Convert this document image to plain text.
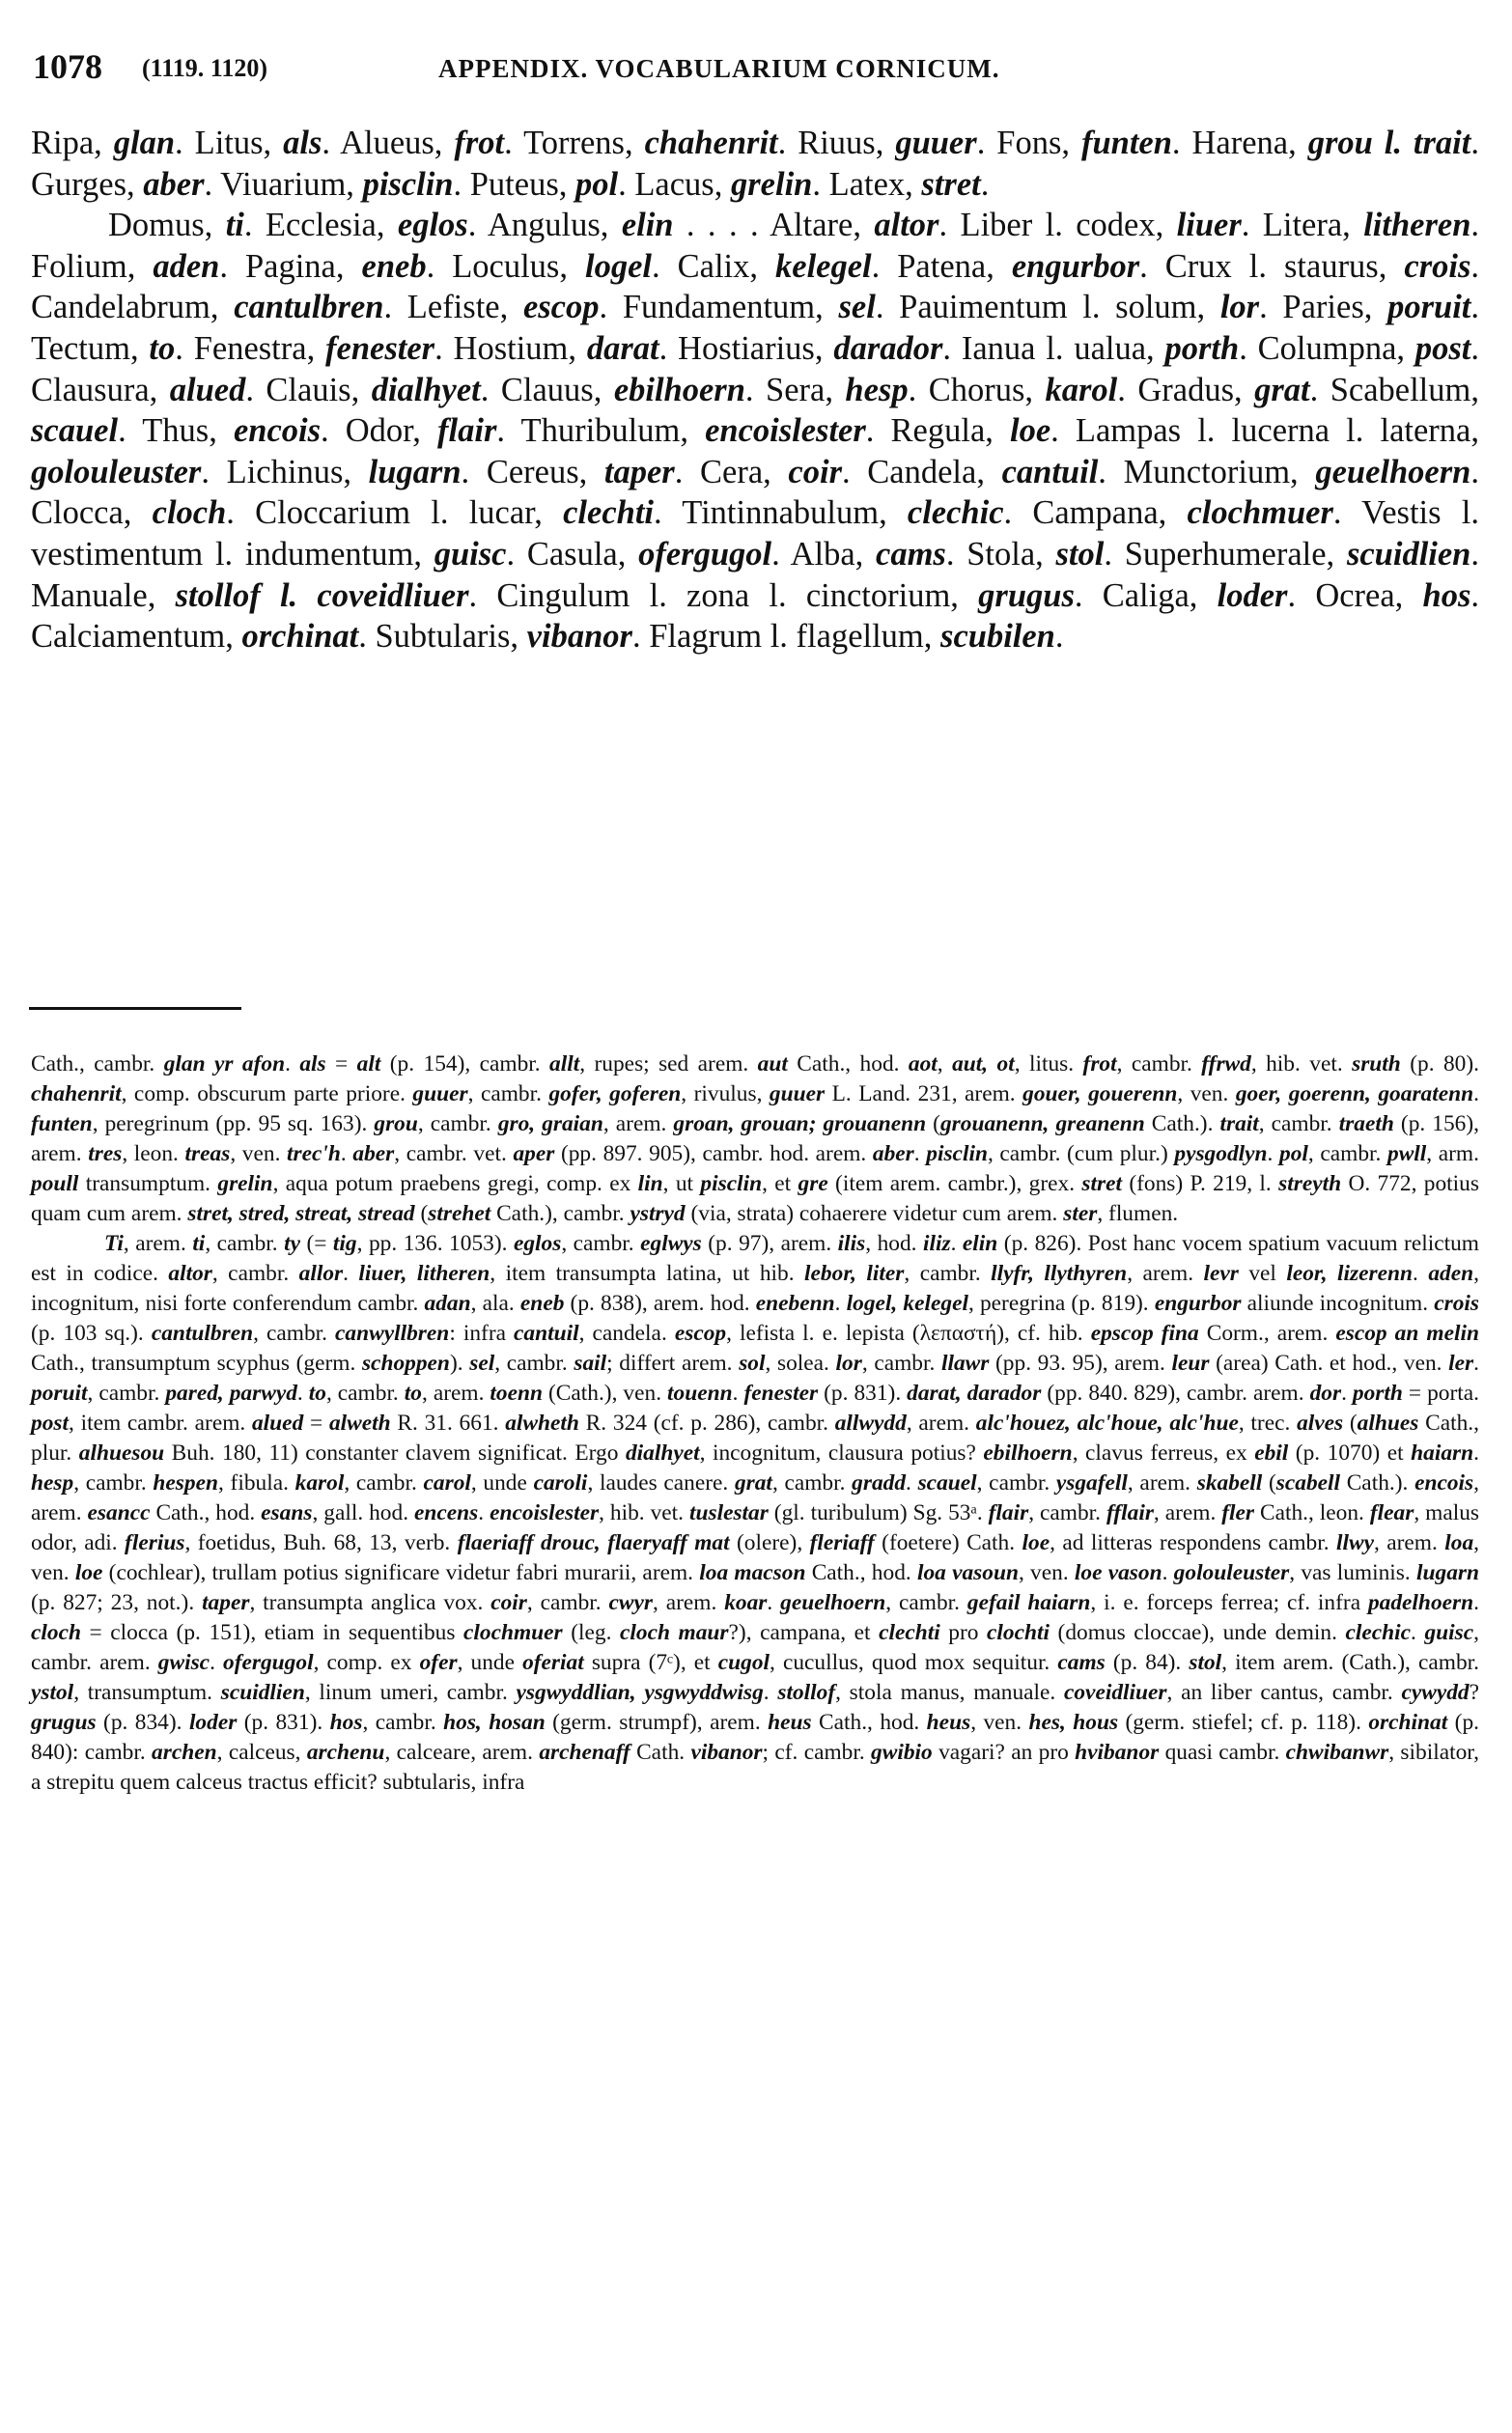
1078 (1119. 1120)	APPENDIX. VOCABULARIUM CORNICUM.

Ripa, glan. Litus, als. Alueus, frot. Torrens, chahenrit. Riuus, guuer. Fons, funten. Harena, grou l. trait. Gurges, aber. Viuarium, pisclin. Puteus, pol. Lacus, grelin. Latex, stret.

Domus, ti. Ecclesia, eglos. Angulus, elin . . . . Altare, altor. Liber l. codex, liuer. Litera, litheren. Folium, aden. Pagina, eneb. Loculus, logel. Calix, kelegel. Patena, engurbor. Crux l. staurus, crois. Candelabrum, cantulbren. Lefiste, escop. Fundamentum, sel. Pauimentum l. solum, lor. Paries, poruit. Tectum, to. Fenestra, fenester. Hostium, darat. Hostiarius, darador. Ianua l. ualua, porth. Columpna, post. Clausura, alued. Clauis, dialhyet. Clauus, ebilhoern. Sera, hesp. Chorus, karol. Gradus, grat. Scabellum, scauel. Thus, encois. Odor, flair. Thuribulum, encoislester. Regula, loe. Lampas l. lucerna l. laterna, golouleuster. Lichinus, lugarn. Cereus, taper. Cera, coir. Candela, cantuil. Munctorium, geuelhoern. Clocca, cloch. Cloccarium l. lucar, clechti. Tintinnabulum, clechic. Campana, clochmuer. Vestis l. vestimentum l. indumentum, guisc. Casula, ofergugol. Alba, cams. Stola, stol. Superhumerale, scuidlien. Manuale, stollof l. coveidliuer. Cingulum l. zona l. cinctorium, grugus. Caliga, loder. Ocrea, hos. Calciamentum, orchinat. Subtularis, vibanor. Flagrum l. flagellum, scubilen.

Cath., cambr. glan yr afon. als = alt (p. 154), cambr. allt, rupes; sed arem. aut Cath., hod. aot, aut, ot, litus. frot, cambr. ffrwd, hib. vet. sruth (p. 80). chahenrit, comp. obscurum parte priore. guuer, cambr. gofer, goferen, rivulus, guuer L. Land. 231, arem. gouer, gouerenn, ven. goer, goerenn, goaratenn. funten, peregrinum (pp. 95 sq. 163). grou, cambr. gro, graian, arem. groan, grouan; grouanenn (grouanenn, greanenn Cath.). trait, cambr. traeth (p. 156), arem. tres, leon. treas, ven. trec'h. aber, cambr. vet. aper (pp. 897. 905), cambr. hod. arem. aber. pisclin, cambr. (cum plur.) pysgodlyn. pol, cambr. pwll, arm. poull transumptum. grelin, aqua potum praebens gregi, comp. ex lin, ut pisclin, et gre (item arem. cambr.), grex. stret (fons) P. 219, l. streyth O. 772, potius quam cum arem. stret, stred, streat, stread (strehet Cath.), cambr. ystryd (via, strata) cohaerere videtur cum arem. ster, flumen.

Ti, arem. ti, cambr. ty (= tig, pp. 136. 1053). eglos, cambr. eglwys (p. 97), arem. ilis, hod. iliz. elin (p. 826). Post hanc vocem spatium vacuum relictum est in codice. altor, cambr. allor. liuer, litheren, item transumpta latina, ut hib. lebor, liter, cambr. llyfr, llythyren, arem. levr vel leor, lizerenn. aden, incognitum, nisi forte conferendum cambr. adan, ala. eneb (p. 838), arem. hod. enebenn. logel, kelegel, peregrina (p. 819). engurbor aliunde incognitum. crois (p. 103 sq.). cantulbren, cambr. canwyllbren: infra cantuil, candela. escop, lefista l. e. lepista (λεπαστή), cf. hib. epscop fina Corm., arem. escop an melin Cath., transumptum scyphus (germ. schoppen). sel, cambr. sail; differt arem. sol, solea. lor, cambr. llawr (pp. 93. 95), arem. leur (area) Cath. et hod., ven. ler. poruit, cambr. pared, parwyd. to, cambr. to, arem. toenn (Cath.), ven. touenn. fenester (p. 831). darat, darador (pp. 840. 829), cambr. arem. dor. porth = porta. post, item cambr. arem. alued = alweth R. 31. 661. alwheth R. 324 (cf. p. 286), cambr. allwydd, arem. alc'houez, alc'houe, alc'hue, trec. alves (alhues Cath., plur. alhuesou Buh. 180, 11) constanter clavem significat. Ergo dialhyet, incognitum, clausura potius? ebilhoern, clavus ferreus, ex ebil (p. 1070) et haiarn. hesp, cambr. hespen, fibula. karol, cambr. carol, unde caroli, laudes canere. grat, cambr. gradd. scauel, cambr. ysgafell, arem. skabell (scabell Cath.). encois, arem. esancc Cath., hod. esans, gall. hod. encens. encoislester, hib. vet. tuslestar (gl. turibulum) Sg. 53ᵃ. flair, cambr. fflair, arem. fler Cath., leon. flear, malus odor, adi. flerius, foetidus, Buh. 68, 13, verb. flaeriaff drouc, flaeryaff mat (olere), fleriaff (foetere) Cath. loe, ad litteras respondens cambr. llwy, arem. loa, ven. loe (cochlear), trullam potius significare videtur fabri murarii, arem. loa macson Cath., hod. loa vasoun, ven. loe vason. golouleuster, vas luminis. lugarn (p. 827; 23, not.). taper, transumpta anglica vox. coir, cambr. cwyr, arem. koar. geuelhoern, cambr. gefail haiarn, i. e. forceps ferrea; cf. infra padelhoern. cloch = clocca (p. 151), etiam in sequentibus clochmuer (leg. cloch maur?), campana, et clechti pro clochti (domus cloccae), unde demin. clechic. guisc, cambr. arem. gwisc. ofergugol, comp. ex ofer, unde oferiat supra (7ᶜ), et cugol, cucullus, quod mox sequitur. cams (p. 84). stol, item arem. (Cath.), cambr. ystol, transumptum. scuidlien, linum umeri, cambr. ysgwyddlian, ysgwyddwisg. stollof, stola manus, manuale. coveidliuer, an liber cantus, cambr. cywydd? grugus (p. 834). loder (p. 831). hos, cambr. hos, hosan (germ. strumpf), arem. heus Cath., hod. heus, ven. hes, hous (germ. stiefel; cf. p. 118). orchinat (p. 840): cambr. archen, calceus, archenu, calceare, arem. archenaff Cath. vibanor; cf. cambr. gwibio vagari? an pro hvibanor quasi cambr. chwibanwr, sibilator, a strepitu quem calceus tractus efficit? subtularis, infra
